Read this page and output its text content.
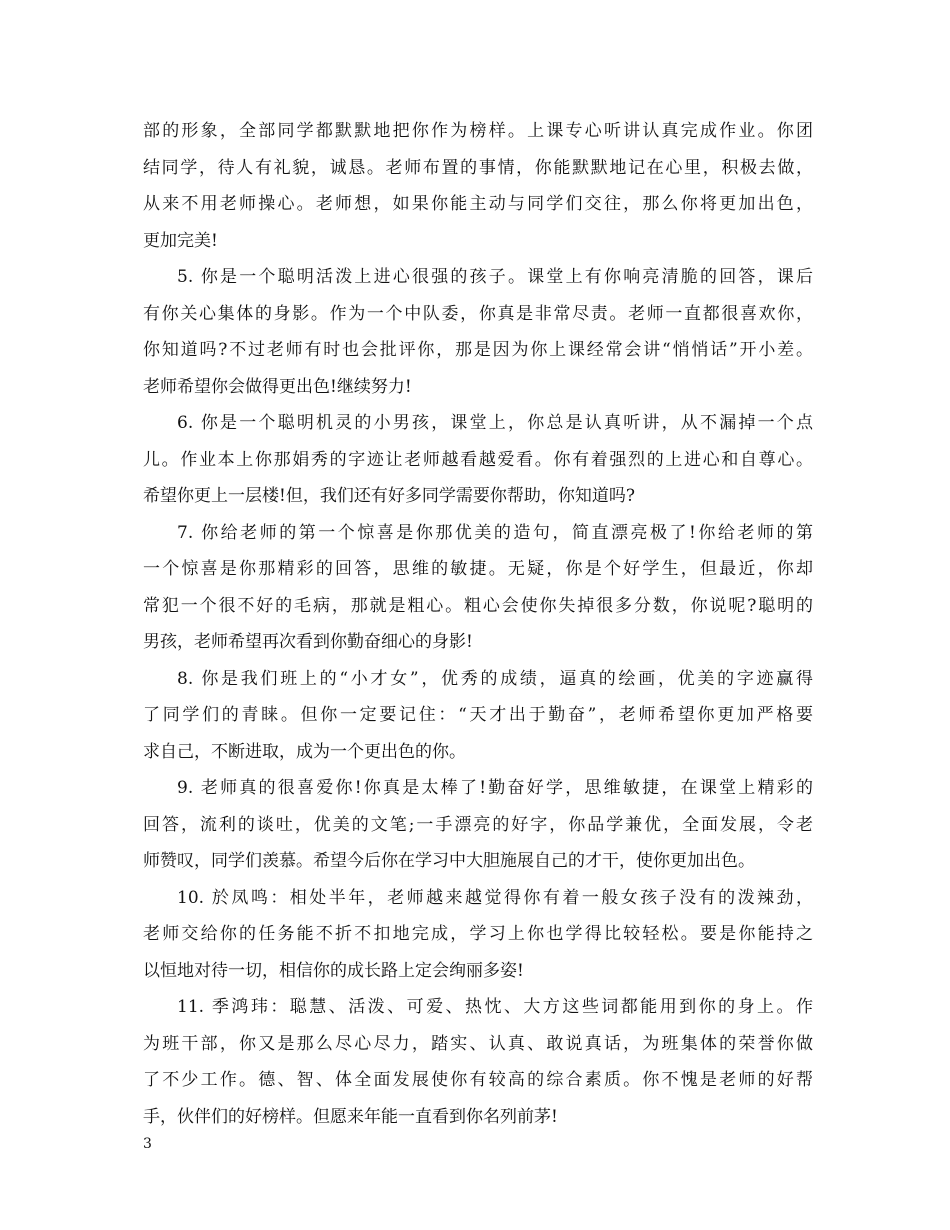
部的形象，全部同学都默默地把你作为榜样。上课专心听讲认真完成作业。你团
结同学，待人有礼貌，诚恳。老师布置的事情，你能默默地记在心里，积极去做，
从来不用老师操心。老师想，如果你能主动与同学们交往，那么你将更加出色，
更加完美!
5. 你是一个聪明活泼上进心很强的孩子。课堂上有你响亮清脆的回答，课后
有你关心集体的身影。作为一个中队委，你真是非常尽责。老师一直都很喜欢你，
你知道吗?不过老师有时也会批评你，那是因为你上课经常会讲“悄悄话”开小差。
老师希望你会做得更出色!继续努力!
6. 你是一个聪明机灵的小男孩，课堂上，你总是认真听讲，从不漏掉一个点
儿。作业本上你那娟秀的字迹让老师越看越爱看。你有着强烈的上进心和自尊心。
希望你更上一层楼!但，我们还有好多同学需要你帮助，你知道吗?
7. 你给老师的第一个惊喜是你那优美的造句，简直漂亮极了!你给老师的第
一个惊喜是你那精彩的回答，思维的敏捷。无疑，你是个好学生，但最近，你却
常犯一个很不好的毛病，那就是粗心。粗心会使你失掉很多分数，你说呢?聪明的
男孩，老师希望再次看到你勤奋细心的身影!
8. 你是我们班上的“小才女”，优秀的成绩，逼真的绘画，优美的字迹赢得
了同学们的青睐。但你一定要记住：“天才出于勤奋”，老师希望你更加严格要
求自己，不断进取，成为一个更出色的你。
9. 老师真的很喜爱你!你真是太棒了!勤奋好学，思维敏捷，在课堂上精彩的
回答，流利的谈吐，优美的文笔;一手漂亮的好字，你品学兼优，全面发展，令老
师赞叹，同学们羡慕。希望今后你在学习中大胆施展自己的才干，使你更加出色。
10. 於凤鸣：相处半年，老师越来越觉得你有着一般女孩子没有的泼辣劲，
老师交给你的任务能不折不扣地完成，学习上你也学得比较轻松。要是你能持之
以恒地对待一切，相信你的成长路上定会绚丽多姿!
11. 季鸿玮：聪慧、活泼、可爱、热忱、大方这些词都能用到你的身上。作
为班干部，你又是那么尽心尽力，踏实、认真、敢说真话，为班集体的荣誉你做
了不少工作。德、智、体全面发展使你有较高的综合素质。你不愧是老师的好帮
手，伙伴们的好榜样。但愿来年能一直看到你名列前茅!
3
